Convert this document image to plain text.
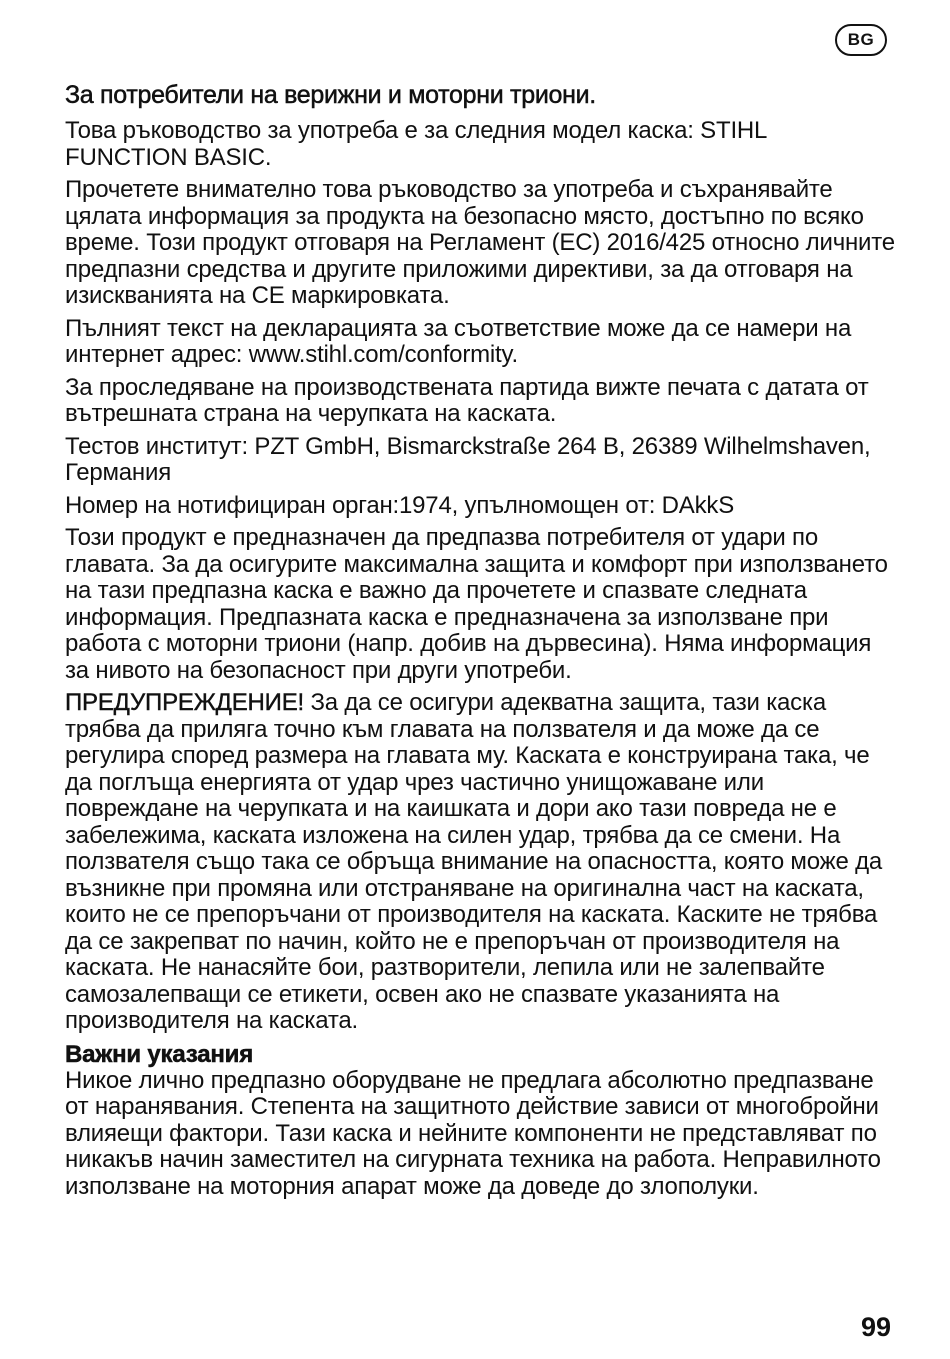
BG
За потребители на верижни и моторни триони.

Това ръководство за употреба е за следния модел каска: STIHL FUNCTION BASIC.

Прочетете внимателно това ръководство за употреба и съхранявайте цялата информация за продукта на безопасно място, достъпно по всяко време. Този продукт отговаря на Регламент (ЕС) 2016/425 относно личните предпазни средства и другите приложими директиви, за да отговаря на изискванията на CE маркировката.

Пълният текст на декларацията за съответствие може да се намери на интернет адрес: www.stihl.com/conformity.

За проследяване на производствената партида вижте печата с датата от вътрешната страна на черупката на каската.

Тестов институт: PZT GmbH, Bismarckstraße 264 B, 26389 Wilhelmshaven, Германия

Номер на нотифициран орган:1974, упълномощен от: DAkkS

Този продукт е предназначен да предпазва потребителя от удари по главата. За да осигурите максимална защита и комфорт при използването на тази предпазна каска е важно да прочетете и спазвате следната информация. Предпазната каска е предназначена за използване при работа с моторни триони (напр. добив на дървесина). Няма информация за нивото на безопасност при други употреби.

ПРЕДУПРЕЖДЕНИЕ! За да се осигури адекватна защита, тази каска трябва да приляга точно към главата на ползвателя и да може да се регулира според размера на главата му. Каската е конструирана така, че да поглъща енергията от удар чрез частично унищожаване или повреждане на черупката и на каишката и дори ако тази повреда не е забележима, каската изложена на силен удар, трябва да се смени. На ползвателя също така се обръща внимание на опасността, която може да възникне при промяна или отстраняване на оригинална част на каската, които не се препоръчани от производителя на каската. Каските не трябва да се закрепват по начин, който не е препоръчан от производителя на каската. Не нанасяйте бои, разтворители, лепила или не залепвайте самозалепващи се етикети, освен ако не спазвате указанията на производителя на каската.

Важни указания

Никое лично предпазно оборудване не предлага абсолютно предпазване от наранявания. Степента на защитното действие зависи от многобройни влияещи фактори. Тази каска и нейните компоненти не представляват по никакъв начин заместител на сигурната техника на работа. Неправилното използване на моторния апарат може да доведе до злополуки.

99
